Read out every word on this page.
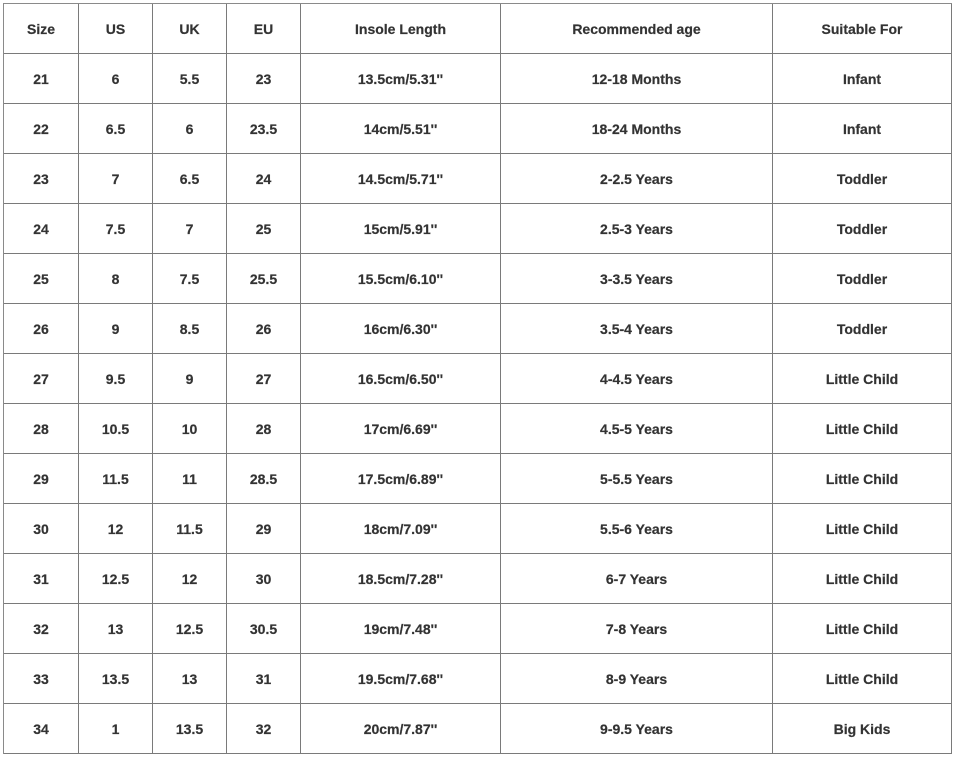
Size	US	UK	EU	Insole Length	Recommended age	Suitable For
21	6	5.5	23	13.5cm/5.31''	12-18 Months	Infant
22	6.5	6	23.5	14cm/5.51''	18-24 Months	Infant
23	7	6.5	24	14.5cm/5.71''	2-2.5 Years	Toddler
24	7.5	7	25	15cm/5.91''	2.5-3 Years	Toddler
25	8	7.5	25.5	15.5cm/6.10''	3-3.5 Years	Toddler
26	9	8.5	26	16cm/6.30''	3.5-4 Years	Toddler
27	9.5	9	27	16.5cm/6.50''	4-4.5 Years	Little Child
28	10.5	10	28	17cm/6.69''	4.5-5 Years	Little Child
29	11.5	11	28.5	17.5cm/6.89''	5-5.5 Years	Little Child
30	12	11.5	29	18cm/7.09''	5.5-6 Years	Little Child
31	12.5	12	30	18.5cm/7.28''	6-7 Years	Little Child
32	13	12.5	30.5	19cm/7.48''	7-8 Years	Little Child
33	13.5	13	31	19.5cm/7.68''	8-9 Years	Little Child
34	1	13.5	32	20cm/7.87''	9-9.5 Years	Big Kids
